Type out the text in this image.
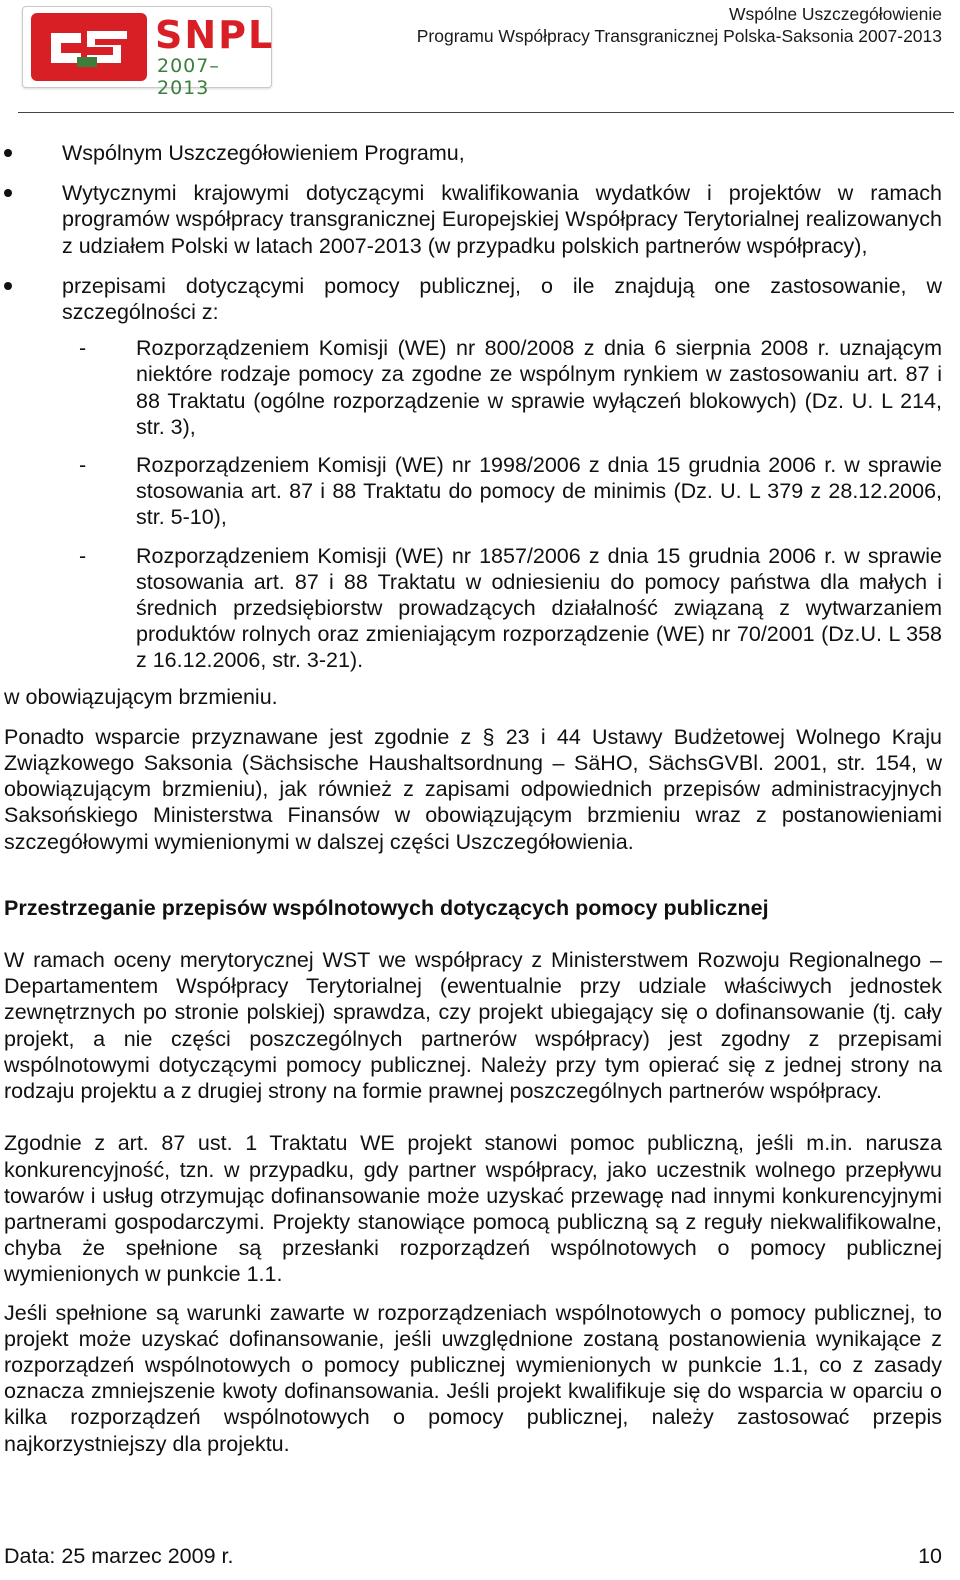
SNPL
2007–2013
Wspólne Uszczegółowienie
Programu Współpracy Transgranicznej Polska-Saksonia 2007-2013
Wspólnym Uszczegółowieniem Programu,
Wytycznymi krajowymi dotyczącymi kwalifikowania wydatków i projektów w ramach programów współpracy transgranicznej Europejskiej Współpracy Terytorialnej realizowanych z udziałem Polski w latach 2007-2013 (w przypadku polskich partnerów współpracy),
przepisami dotyczącymi pomocy publicznej, o ile znajdują one zastosowanie, w szczególności z:
- Rozporządzeniem Komisji (WE) nr 800/2008 z dnia 6 sierpnia 2008 r. uznającym niektóre rodzaje pomocy za zgodne ze wspólnym rynkiem w zastosowaniu art. 87 i 88 Traktatu (ogólne rozporządzenie w sprawie wyłączeń blokowych) (Dz. U. L 214, str. 3),
- Rozporządzeniem Komisji (WE) nr 1998/2006 z dnia 15 grudnia 2006 r. w sprawie stosowania art. 87 i 88 Traktatu do pomocy de minimis (Dz. U. L 379 z 28.12.2006, str. 5-10),
- Rozporządzeniem Komisji (WE) nr 1857/2006 z dnia 15 grudnia 2006 r. w sprawie stosowania art. 87 i 88 Traktatu w odniesieniu do pomocy państwa dla małych i średnich przedsiębiorstw prowadzących działalność związaną z wytwarzaniem produktów rolnych oraz zmieniającym rozporządzenie (WE) nr 70/2001 (Dz.U. L 358 z 16.12.2006, str. 3-21).

w obowiązującym brzmieniu.

Ponadto wsparcie przyznawane jest zgodnie z § 23 i 44 Ustawy Budżetowej Wolnego Kraju Związkowego Saksonia (Sächsische Haushaltsordnung – SäHO, SächsGVBl. 2001, str. 154, w obowiązującym brzmieniu), jak również z zapisami odpowiednich przepisów administracyjnych Saksońskiego Ministerstwa Finansów w obowiązującym brzmieniu wraz z postanowieniami szczegółowymi wymienionymi w dalszej części Uszczegółowienia.

Przestrzeganie przepisów wspólnotowych dotyczących pomocy publicznej

W ramach oceny merytorycznej WST we współpracy z Ministerstwem Rozwoju Regionalnego – Departamentem Współpracy Terytorialnej (ewentualnie przy udziale właściwych jednostek zewnętrznych po stronie polskiej) sprawdza, czy projekt ubiegający się o dofinansowanie (tj. cały projekt, a nie części poszczególnych partnerów współpracy) jest zgodny z przepisami wspólnotowymi dotyczącymi pomocy publicznej. Należy przy tym opierać się z jednej strony na rodzaju projektu a z drugiej strony na formie prawnej poszczególnych partnerów współpracy.

Zgodnie z art. 87 ust. 1 Traktatu WE projekt stanowi pomoc publiczną, jeśli m.in. narusza konkurencyjność, tzn. w przypadku, gdy partner współpracy, jako uczestnik wolnego przepływu towarów i usług otrzymując dofinansowanie może uzyskać przewagę nad innymi konkurencyjnymi partnerami gospodarczymi. Projekty stanowiące pomocą publiczną są z reguły niekwalifikowalne, chyba że spełnione są przesłanki rozporządzeń wspólnotowych o pomocy publicznej wymienionych w punkcie 1.1.

Jeśli spełnione są warunki zawarte w rozporządzeniach wspólnotowych o pomocy publicznej, to projekt może uzyskać dofinansowanie, jeśli uwzględnione zostaną postanowienia wynikające z rozporządzeń wspólnotowych o pomocy publicznej wymienionych w punkcie 1.1, co z zasady oznacza zmniejszenie kwoty dofinansowania. Jeśli projekt kwalifikuje się do wsparcia w oparciu o kilka rozporządzeń wspólnotowych o pomocy publicznej, należy zastosować przepis najkorzystniejszy dla projektu.

Data: 25 marzec 2009 r.	10
